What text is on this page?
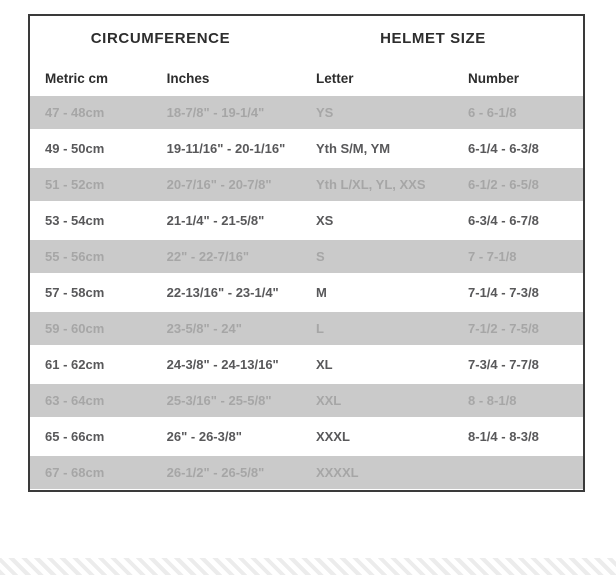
CIRCUMFERENCE	HELMET SIZE
Metric cm	Inches	Letter	Number
47 - 48cm	18-7/8" - 19-1/4"	YS	6 - 6-1/8
49 - 50cm	19-11/16" - 20-1/16"	Yth S/M, YM	6-1/4 - 6-3/8
51 - 52cm	20-7/16" - 20-7/8"	Yth L/XL, YL, XXS	6-1/2 - 6-5/8
53 - 54cm	21-1/4" - 21-5/8"	XS	6-3/4 - 6-7/8
55 - 56cm	22" - 22-7/16"	S	7 - 7-1/8
57 - 58cm	22-13/16" - 23-1/4"	M	7-1/4 - 7-3/8
59 - 60cm	23-5/8" - 24"	L	7-1/2 - 7-5/8
61 - 62cm	24-3/8" - 24-13/16"	XL	7-3/4 - 7-7/8
63 - 64cm	25-3/16" - 25-5/8"	XXL	8 - 8-1/8
65 - 66cm	26" - 26-3/8"	XXXL	8-1/4 - 8-3/8
67 - 68cm	26-1/2" - 26-5/8"	XXXXL
